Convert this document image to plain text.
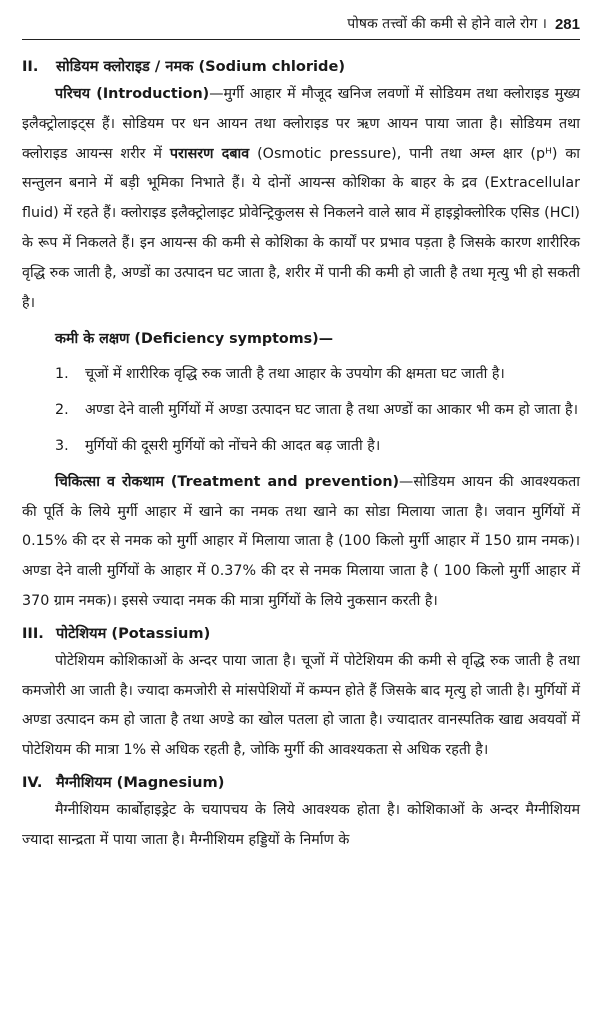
पोषक तत्त्वों की कमी से होने वाले रोग । 281
II. सोडियम क्लोराइड / नमक (Sodium chloride)

परिचय (Introduction)—मुर्गी आहार में मौजूद खनिज लवणों में सोडियम तथा क्लोराइड मुख्य इलैक्ट्रोलाइट्स हैं। सोडियम पर धन आयन तथा क्लोराइड पर ऋण आयन पाया जाता है। सोडियम तथा क्लोराइड आयन्स शरीर में परासरण दबाव (Osmotic pressure), पानी तथा अम्ल क्षार (pᴴ) का सन्तुलन बनाने में बड़ी भूमिका निभाते हैं। ये दोनों आयन्स कोशिका के बाहर के द्रव (Extracellular fluid) में रहते हैं। क्लोराइड इलैक्ट्रोलाइट प्रोवेन्ट्रिकुलस से निकलने वाले स्राव में हाइड्रोक्लोरिक एसिड (HCl) के रूप में निकलते हैं। इन आयन्स की कमी से कोशिका के कार्यों पर प्रभाव पड़ता है जिसके कारण शारीरिक वृद्धि रुक जाती है, अण्डों का उत्पादन घट जाता है, शरीर में पानी की कमी हो जाती है तथा मृत्यु भी हो सकती है।

कमी के लक्षण (Deficiency symptoms)—
1.	चूजों में शारीरिक वृद्धि रुक जाती है तथा आहार के उपयोग की क्षमता घट जाती है।
2.	अण्डा देने वाली मुर्गियों में अण्डा उत्पादन घट जाता है तथा अण्डों का आकार भी कम हो जाता है।
3.	मुर्गियों की दूसरी मुर्गियों को नोंचने की आदत बढ़ जाती है।

चिकित्सा व रोकथाम (Treatment and prevention)—सोडियम आयन की आवश्यकता की पूर्ति के लिये मुर्गी आहार में खाने का नमक तथा खाने का सोडा मिलाया जाता है। जवान मुर्गियों में 0.15% की दर से नमक को मुर्गी आहार में मिलाया जाता है (100 किलो मुर्गी आहार में 150 ग्राम नमक)। अण्डा देने वाली मुर्गियों के आहार में 0.37% की दर से नमक मिलाया जाता है ( 100 किलो मुर्गी आहार में 370 ग्राम नमक)। इससे ज्यादा नमक की मात्रा मुर्गियों के लिये नुकसान करती है।

III. पोटेशियम (Potassium)

पोटेशियम कोशिकाओं के अन्दर पाया जाता है। चूजों में पोटेशियम की कमी से वृद्धि रुक जाती है तथा कमजोरी आ जाती है। ज्यादा कमजोरी से मांसपेशियों में कम्पन होते हैं जिसके बाद मृत्यु हो जाती है। मुर्गियों में अण्डा उत्पादन कम हो जाता है तथा अण्डे का खोल पतला हो जाता है। ज्यादातर वानस्पतिक खाद्य अवयवों में पोटेशियम की मात्रा 1% से अधिक रहती है, जोकि मुर्गी की आवश्यकता से अधिक रहती है।

IV. मैग्नीशियम (Magnesium)

मैग्नीशियम कार्बोहाइड्रेट के चयापचय के लिये आवश्यक होता है। कोशिकाओं के अन्दर मैग्नीशियम ज्यादा सान्द्रता में पाया जाता है। मैग्नीशियम हड्डियों के निर्माण के
